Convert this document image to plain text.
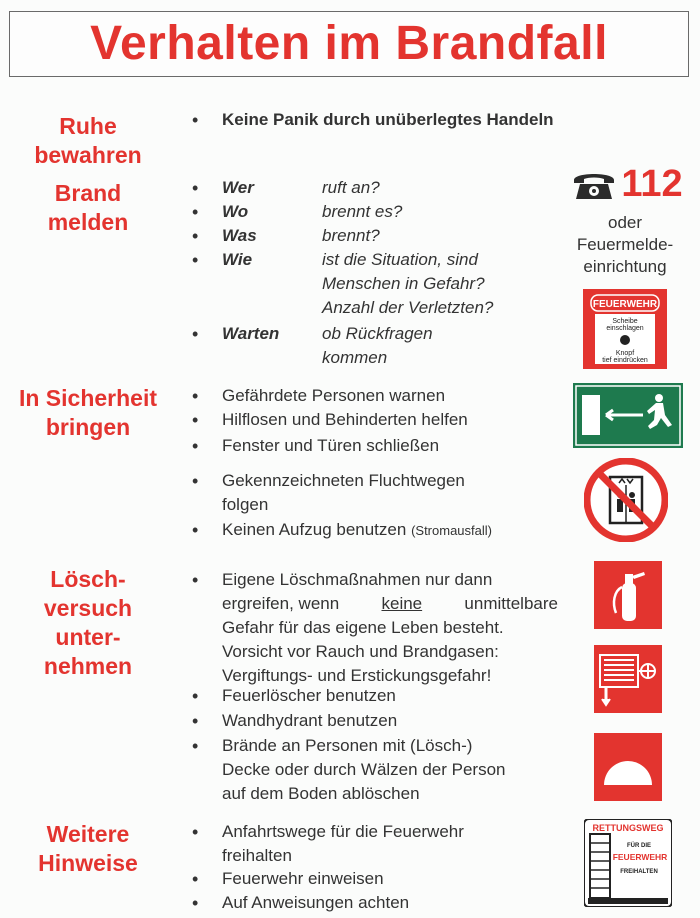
Verhalten im Brandfall
Ruhe
bewahren
Brand
melden
In Sicherheit
bringen
Lösch-
versuch
unter-
nehmen
Weitere
Hinweise
• Keine Panik durch unüberlegtes Handeln
• Wer	ruft an?
• Wo	brennt es?
• Was	brennt?
• Wie	ist die Situation, sind
Menschen in Gefahr?
Anzahl der Verletzten?
• Warten	ob Rückfragen
kommen
112
oder
Feuermelde-
einrichtung
FEUERWEHR
Scheibe
einschlagen
Knopf
tief eindrücken
• Gefährdete Personen warnen
• Hilflosen und Behinderten helfen
• Fenster und Türen schließen
• Gekennzeichneten Fluchtwegen
folgen
• Keinen Aufzug benutzen (Stromausfall)
• Eigene Löschmaßnahmen nur dann
ergreifen, wenn keine unmittelbare
Gefahr für das eigene Leben besteht.
Vorsicht vor Rauch und Brandgasen:
Vergiftungs- und Erstickungsgefahr!
• Feuerlöscher benutzen
• Wandhydrant benutzen
• Brände an Personen mit (Lösch-)
Decke oder durch Wälzen der Person
auf dem Boden ablöschen
• Anfahrtswege für die Feuerwehr
freihalten
• Feuerwehr einweisen
• Auf Anweisungen achten
RETTUNGSWEG
FÜR DIE
FEUERWEHR
FREIHALTEN
